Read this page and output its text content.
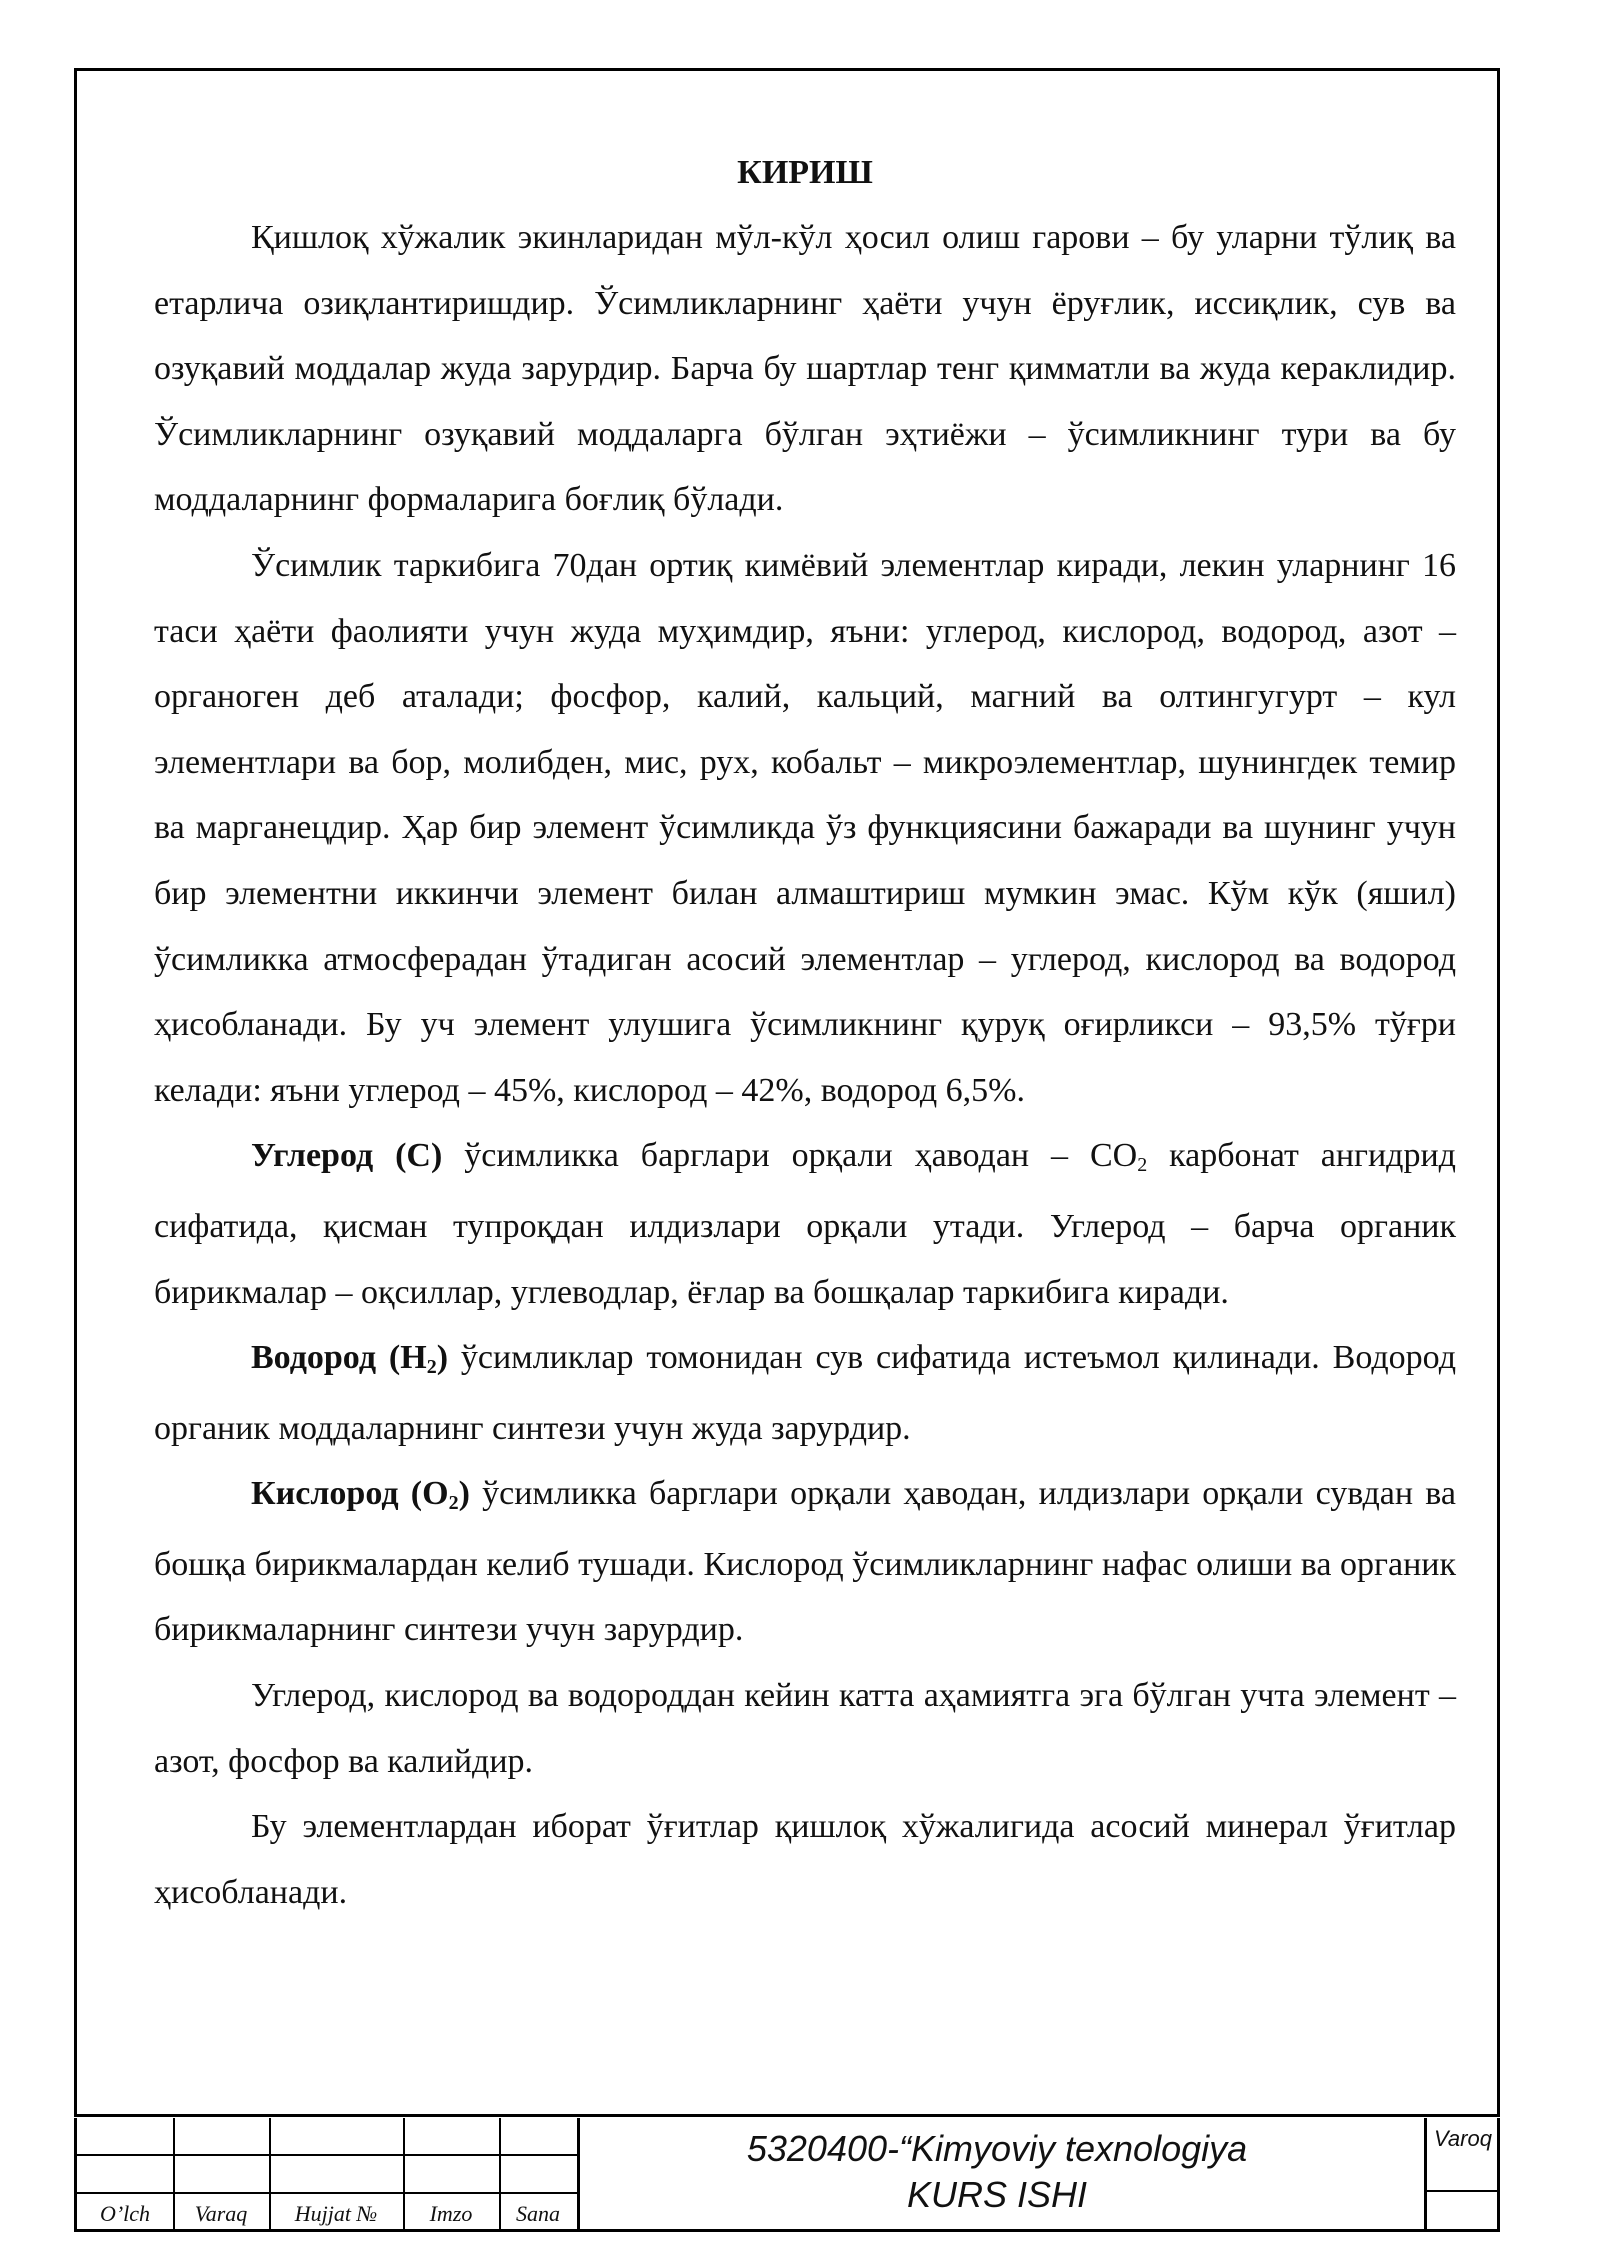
КИРИШ

Қишлоқ хўжалик экинларидан мўл-кўл ҳосил олиш гарови – бу уларни тўлиқ ва етарлича озиқлантиришдир. Ўсимликларнинг ҳаёти учун ёруғлик, иссиқлик, сув ва озуқавий моддалар жуда зарурдир. Барча бу шартлар тенг қимматли ва жуда кераклидир. Ўсимликларнинг озуқавий моддаларга бўлган эҳтиёжи – ўсимликнинг тури ва бу моддаларнинг формаларига боғлиқ бўлади.

Ўсимлик таркибига 70дан ортиқ кимёвий элементлар киради, лекин уларнинг 16 таси ҳаёти фаолияти учун жуда муҳимдир, яъни: углерод, кислород, водород, азот – органоген деб аталади; фосфор, калий, кальций, магний ва олтингугурт – кул элементлари ва бор, молибден, мис, рух, кобальт – микроэлементлар, шунингдек темир ва марганецдир. Ҳар бир элемент ўсимликда ўз функциясини бажаради ва шунинг учун бир элементни иккинчи элемент билан алмаштириш мумкин эмас. Кўм кўк (яшил) ўсимликка атмосферадан ўтадиган асосий элементлар – углерод, кислород ва водород ҳисобланади. Бу уч элемент улушига ўсимликнинг қуруқ оғирликси – 93,5% тўғри келади: яъни углерод – 45%, кислород – 42%, водород 6,5%.

Углерод (С) ўсимликка барглари орқали ҳаводан – $СО_2$ карбонат ангидрид сифатида, қисман тупроқдан илдизлари орқали утади. Углерод – барча органик бирикмалар – оқсиллар, углеводлар, ёғлар ва бошқалар таркибига киради.

Водород $(Н_2)$ ўсимликлар томонидан сув сифатида истеъмол қилинади. Водород органик моддаларнинг синтези учун жуда зарурдир.

Кислород $(О_2)$ ўсимликка барглари орқали ҳаводан, илдизлари орқали сувдан ва бошқа бирикмалардан келиб тушади. Кислород ўсимликларнинг нафас олиши ва органик бирикмаларнинг синтези учун зарурдир.

Углерод, кислород ва водороддан кейин катта аҳамиятга эга бўлган учта элемент – азот, фосфор ва калийдир.

Бу элементлардан иборат ўғитлар қишлоқ хўжалигида асосий минерал ўғитлар ҳисобланади.

O’lch	Varaq	Hujjat №	Imzo	Sana
5320400-“Kimyoviy texnologiya
KURS ISHI
Varoq
